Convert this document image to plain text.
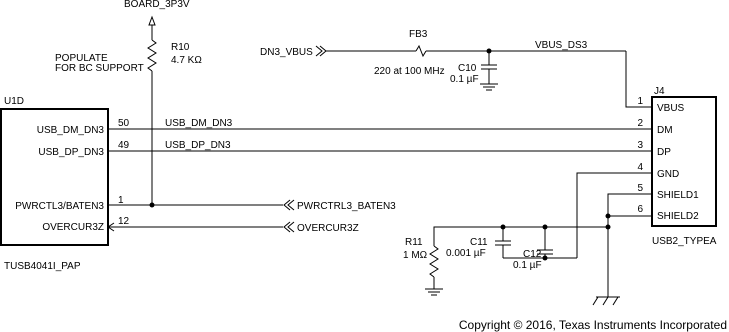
U1D
TUSB4041I_PAP
USB_DM_DN3
USB_DP_DN3
PWRCTL3/BATEN3
OVERCUR3Z
50
49
1
12
USB_DM_DN3
USB_DP_DN3
PWRCTRL3_BATEN3
OVERCUR3Z
BOARD_3P3V
R10
4.7 KΩ
POPULATE
FOR BC SUPPORT
DN3_VBUS
FB3
220 at 100 MHz
VBUS_DS3
C10
0.1 µF
J4
USB2_TYPEA
VBUS
DM
DP
GND
SHIELD1
SHIELD2
1
2
3
4
5
6
R11
1 MΩ
C11
0.001 µF	C12
0.1 µF
Copyright © 2016, Texas Instruments Incorporated
